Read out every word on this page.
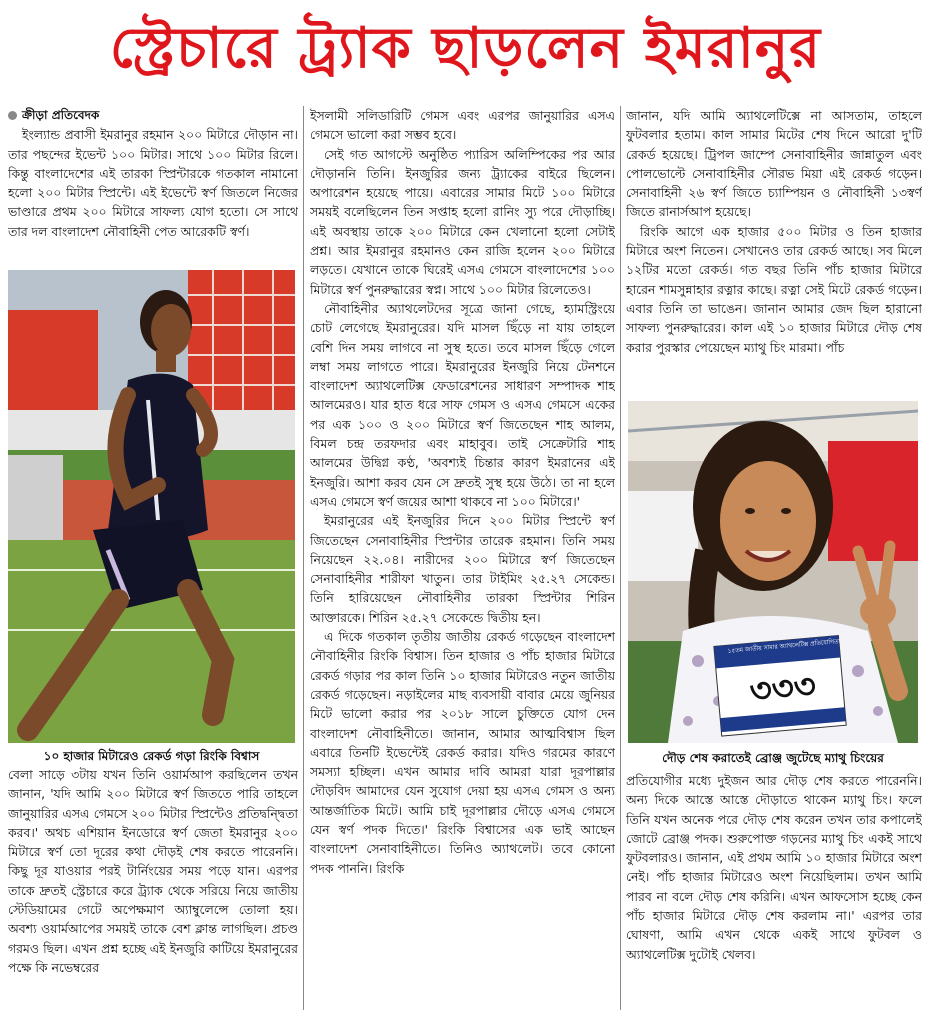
স্ট্রেচারে ট্র্যাক ছাড়লেন ইমরানুর
ক্রীড়া প্রতিবেদক

ইংল্যান্ড প্রবাসী ইমরানুর রহমান ২০০ মিটারে দৌড়ান না। তার পছন্দের ইভেন্ট ১০০ মিটার। সাথে ১০০ মিটার রিলে। কিন্তু বাংলাদেশের এই তারকা স্প্রিন্টারকে গতকাল নামানো হলো ২০০ মিটার স্প্রিন্টে। এই ইভেন্টে স্বর্ণ জিতলে নিজের ভাণ্ডারে প্রথম ২০০ মিটারে সাফল্য যোগ হতো। সে সাথে তার দল বাংলাদেশ নৌবাহিনী পেত আরেকটি স্বর্ণ।

১০ হাজার মিটারেও রেকর্ড গড়া রিংকি বিশ্বাস

বেলা সাড়ে ৩টায় যখন তিনি ওয়ার্মআপ করছিলেন তখন জানান, 'যদি আমি ২০০ মিটারে স্বর্ণ জিততে পারি তাহলে জানুয়ারির এসএ গেমসে ২০০ মিটার স্প্রিন্টেও প্রতিদ্বন্দ্বিতা করব।' অথচ এশিয়ান ইনডোরে স্বর্ণ জেতা ইমরানুর ২০০ মিটারে স্বর্ণ তো দূরের কথা দৌড়ই শেষ করতে পারেননি। কিছু দূর যাওয়ার পরই টার্নিংয়ের সময় পড়ে যান। এরপর তাকে দ্রুতই স্ট্রেচারে করে ট্র্যাক থেকে সরিয়ে নিয়ে জাতীয় স্টেডিয়ামের গেটে অপেক্ষমাণ অ্যাম্বুলেন্সে তোলা হয়। অবশ্য ওয়ার্মআপের সময়ই তাকে বেশ ক্লান্ত লাগছিল। প্রচণ্ড গরমও ছিল। এখন প্রশ্ন হচ্ছে এই ইনজুরি কাটিয়ে ইমরানুরের পক্ষে কি নভেম্বরের

ইসলামী সলিডারিটি গেমস এবং এরপর জানুয়ারির এসএ গেমসে ভালো করা সম্ভব হবে।

সেই গত আগস্টে অনুষ্ঠিত প্যারিস অলিম্পিকের পর আর দৌড়াননি তিনি। ইনজুরির জন্য ট্র্যাকের বাইরে ছিলেন। অপারেশন হয়েছে পায়ে। এবারের সামার মিটে ১০০ মিটারে সময়ই বলেছিলেন তিন সপ্তাহ হলো রানিং স্যু পরে দৌড়াচ্ছি। এই অবস্থায় তাকে ২০০ মিটারে কেন খেলানো হলো সেটাই প্রশ্ন। আর ইমরানুর রহমানও কেন রাজি হলেন ২০০ মিটারে লড়তে। যেখানে তাকে ঘিরেই এসএ গেমসে বাংলাদেশের ১০০ মিটারে স্বর্ণ পুনরুদ্ধারের স্বপ্ন। সাথে ১০০ মিটার রিলেতেও।

নৌবাহিনীর অ্যাথলেটদের সূত্রে জানা গেছে, হ্যামস্ট্রিংয়ে চোট লেগেছে ইমরানুরের। যদি মাসল ছিঁড়ে না যায় তাহলে বেশি দিন সময় লাগবে না সুস্থ হতে। তবে মাসল ছিঁড়ে গেলে লম্বা সময় লাগতে পারে। ইমরানুরের ইনজুরি নিয়ে টেনশনে বাংলাদেশ অ্যাথলেটিক্স ফেডারেশনের সাধারণ সম্পাদক শাহ আলমেরও। যার হাত ধরে সাফ গেমস ও এসএ গেমসে একের পর এক ১০০ ও ২০০ মিটারে স্বর্ণ জিতেছেন শাহ আলম, বিমল চন্দ্র তরফদার এবং মাহাবুব। তাই সেক্রেটারি শাহ আলমের উদ্বিগ্ন কণ্ঠ, 'অবশ্যই চিন্তার কারণ ইমরানের এই ইনজুরি। আশা করব যেন সে দ্রুতই সুস্থ হয়ে উঠে। তা না হলে এসএ গেমসে স্বর্ণ জয়ের আশা থাকবে না ১০০ মিটারে।'

ইমরানুরের এই ইনজুরির দিনে ২০০ মিটার স্প্রিন্টে স্বর্ণ জিতেছেন সেনাবাহিনীর স্প্রিন্টার তারেক রহমান। তিনি সময় নিয়েছেন ২২.০৪। নারীদের ২০০ মিটারে স্বর্ণ জিতেছেন সেনাবাহিনীর শারীফা খাতুন। তার টাইমিং ২৫.২৭ সেকেন্ড। তিনি হারিয়েছেন নৌবাহিনীর তারকা স্প্রিন্টার শিরিন আক্তারকে। শিরিন ২৫.২৭ সেকেন্ডে দ্বিতীয় হন।

এ দিকে গতকাল তৃতীয় জাতীয় রেকর্ড গড়েছেন বাংলাদেশ নৌবাহিনীর রিংকি বিশ্বাস। তিন হাজার ও পাঁচ হাজার মিটারে রেকর্ড গড়ার পর কাল তিনি ১০ হাজার মিটারেও নতুন জাতীয় রেকর্ড গড়েছেন। নড়াইলের মাছ ব্যবসায়ী বাবার মেয়ে জুনিয়র মিটে ভালো করার পর ২০১৮ সালে চুক্তিতে যোগ দেন বাংলাদেশ নৌবাহিনীতে। জানান, আমার আত্মবিশ্বাস ছিল এবারে তিনটি ইভেন্টেই রেকর্ড করার। যদিও গরমের কারণে সমস্যা হচ্ছিল। এখন আমার দাবি আমরা যারা দূরপাল্লার দৌড়বিদ আমাদের যেন সুযোগ দেয়া হয় এসএ গেমস ও অন্য আন্তর্জাতিক মিটে। আমি চাই দূরপাল্লার দৌড়ে এসএ গেমসে যেন স্বর্ণ পদক দিতে।' রিংকি বিশ্বাসের এক ভাই আছেন বাংলাদেশ সেনাবাহিনীতে। তিনিও অ্যাথলেট। তবে কোনো পদক পাননি। রিংকি

জানান, যদি আমি অ্যাথলেটিক্সে না আসতাম, তাহলে ফুটবলার হতাম। কাল সামার মিটের শেষ দিনে আরো দু'টি রেকর্ড হয়েছে। ট্রিপল জাম্পে সেনাবাহিনীর জান্নাতুল এবং পোলভোল্টে সেনাবাহিনীর সৌরভ মিয়া এই রেকর্ড গড়েন। সেনাবাহিনী ২৬ স্বর্ণ জিতে চ্যাম্পিয়ন ও নৌবাহিনী ১৩স্বর্ণ জিতে রানার্সআপ হয়েছে।

রিংকি আগে এক হাজার ৫০০ মিটার ও তিন হাজার মিটারে অংশ নিতেন। সেখানেও তার রেকর্ড আছে। সব মিলে ১২টির মতো রেকর্ড। গত বছর তিনি পাঁচ হাজার মিটারে হারেন শামসুন্নাহার রত্নার কাছে। রত্না সেই মিটে রেকর্ড গড়েন। এবার তিনি তা ভাঙেন। জানান আমার জেদ ছিল হারানো সাফল্য পুনরুদ্ধারের। কাল এই ১০ হাজার মিটারে দৌড় শেষ করার পুরস্কার পেয়েছেন ম্যাথু চিং মারমা। পাঁচ

১৫তম জাতীয় সামার অ্যাথলেটিক্স প্রতিযোগিতা
৩৩৩
দৌড় শেষ করাতেই ব্রোঞ্জ জুটেছে ম্যাথু চিংয়ের

প্রতিযোগীর মধ্যে দুইজন আর দৌড় শেষ করতে পারেননি। অন্য দিকে আস্তে আস্তে দৌড়াতে থাকেন ম্যাথু চিং। ফলে তিনি যখন অনেক পরে দৌড় শেষ করেন তখন তার কপালেই জোটে ব্রোঞ্জ পদক। শুরুপোক্ত গড়নের ম্যাথু চিং একই সাথে ফুটবলারও। জানান, এই প্রথম আমি ১০ হাজার মিটারে অংশ নেই। পাঁচ হাজার মিটারেও অংশ নিয়েছিলাম। তখন আমি পারব না বলে দৌড় শেষ করিনি। এখন আফসোস হচ্ছে কেন পাঁচ হাজার মিটারে দৌড় শেষ করলাম না।' এরপর তার ঘোষণা, আমি এখন থেকে একই সাথে ফুটবল ও অ্যাথলেটিক্স দুটোই খেলব।
